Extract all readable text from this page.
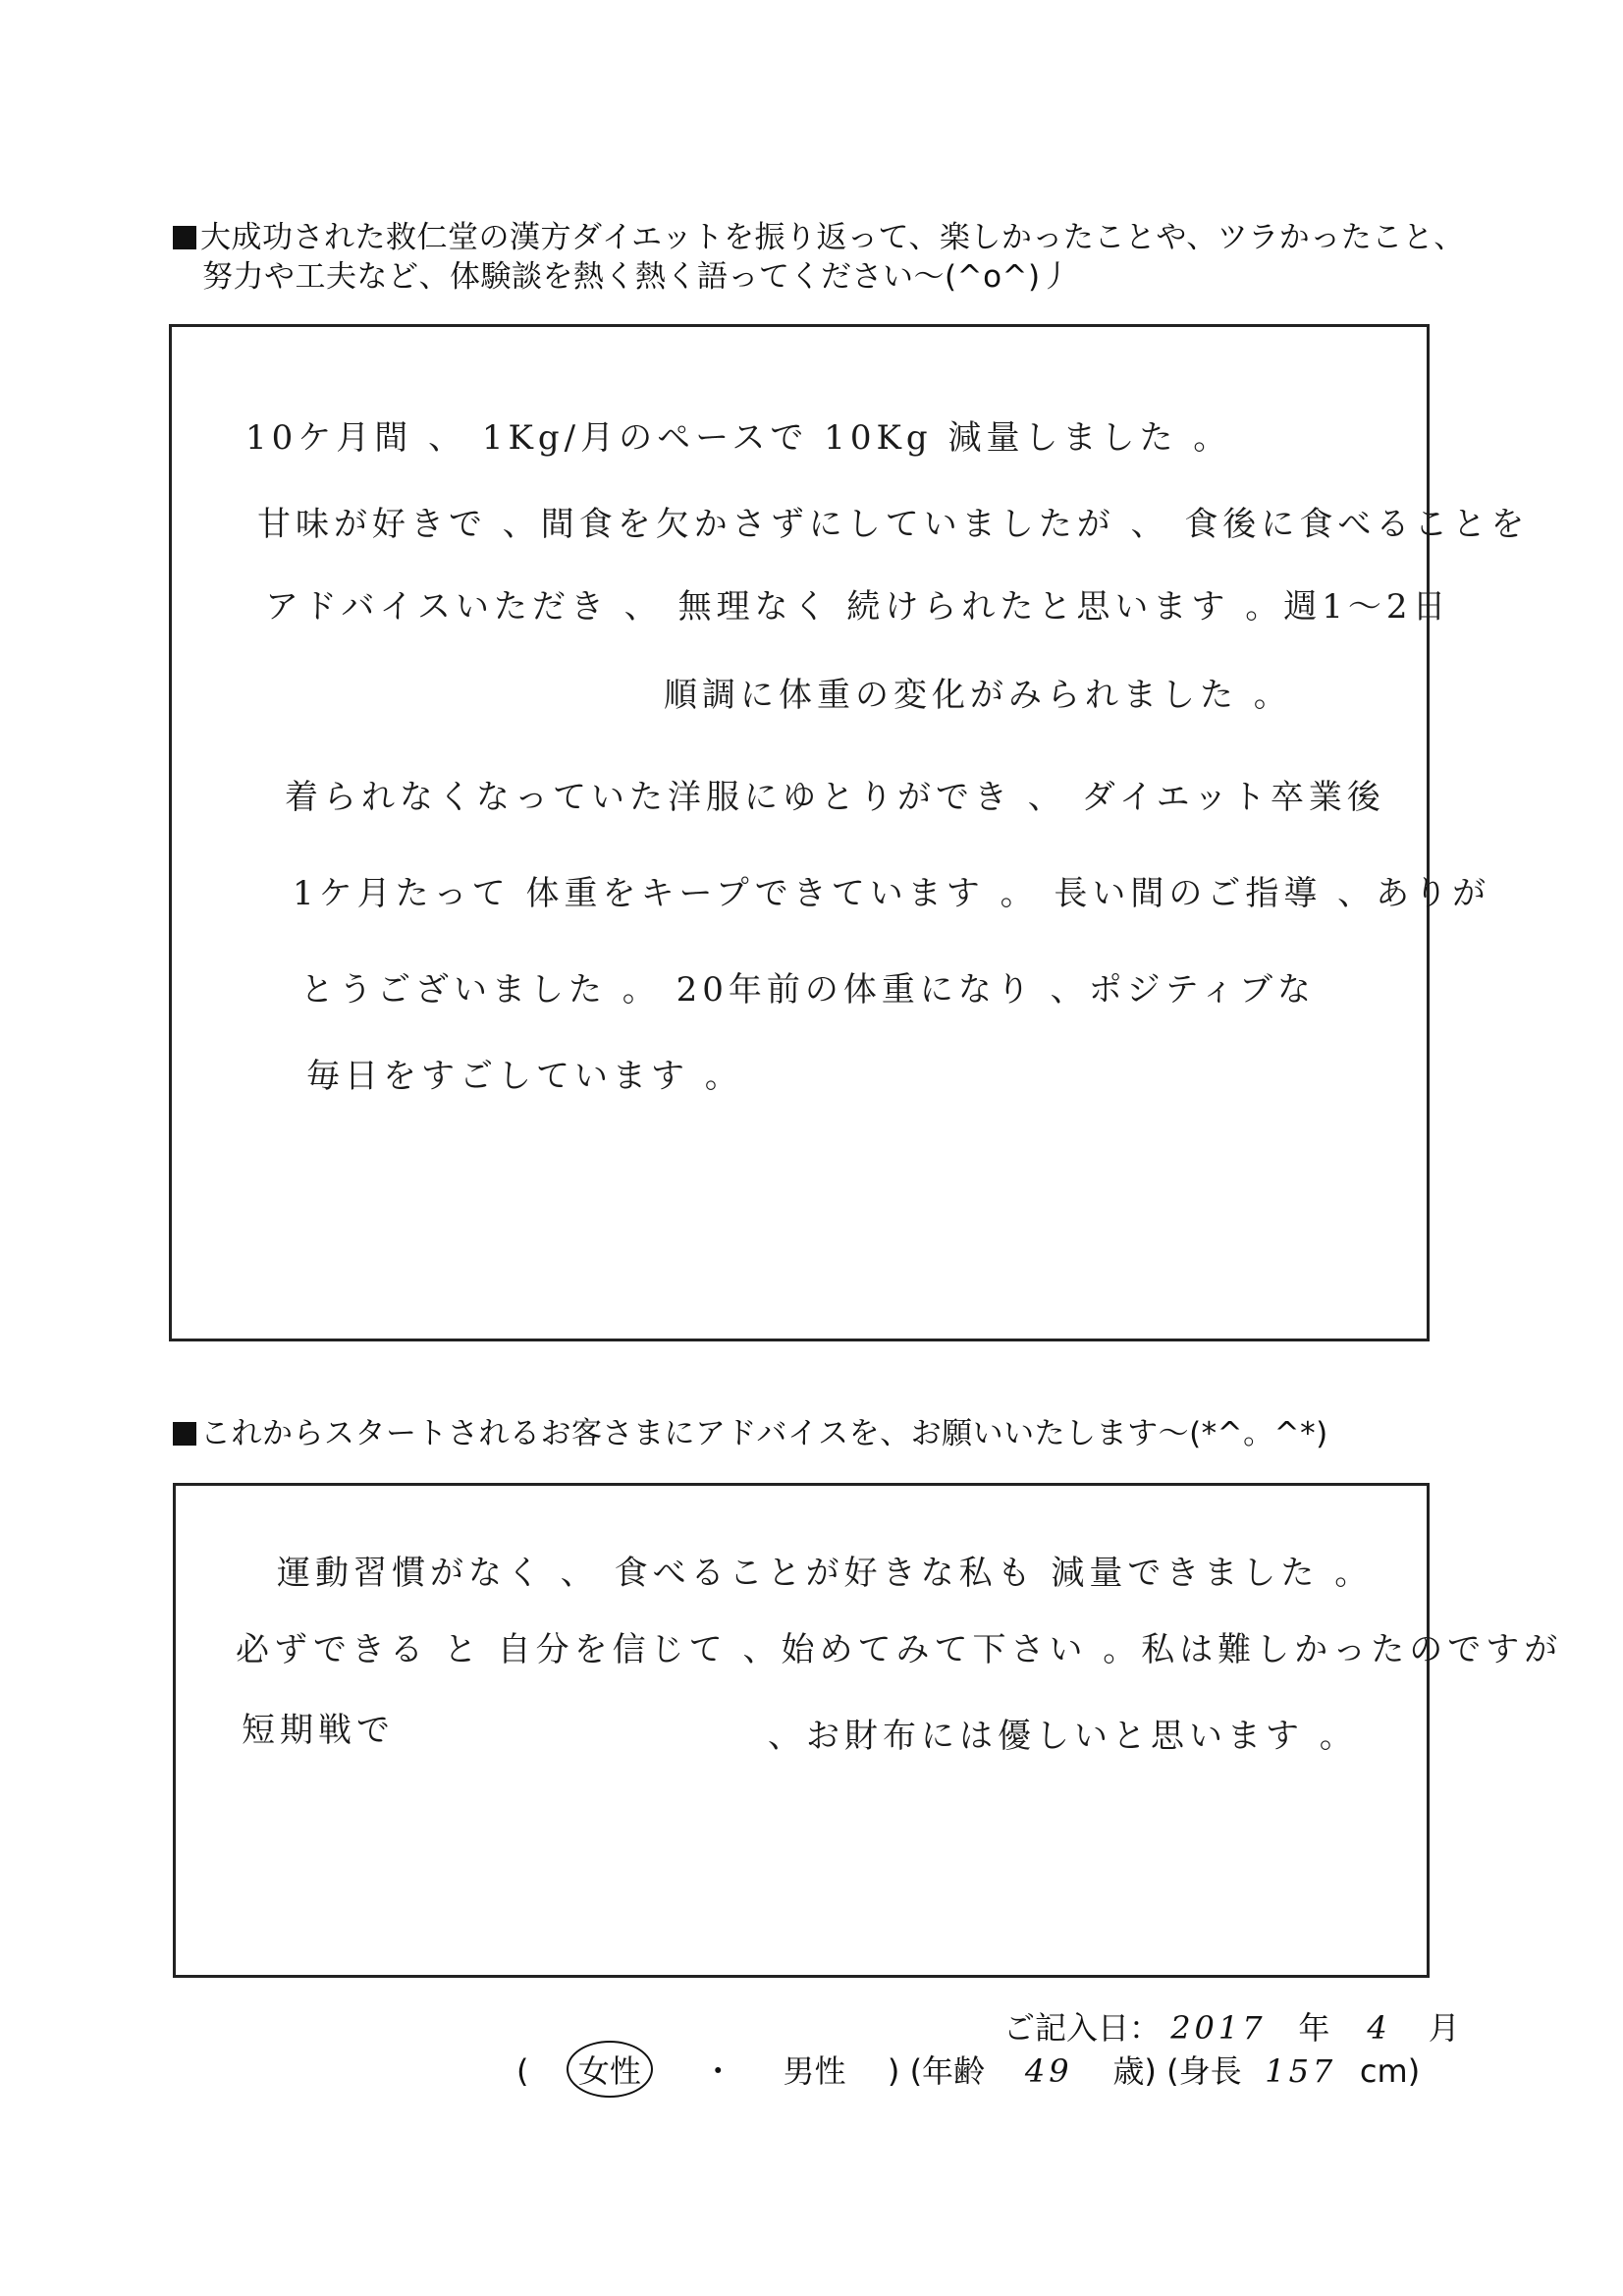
大成功された救仁堂の漢方ダイエットを振り返って、楽しかったことや、ツラかったこと、
努力や工夫など、体験談を熱く熱く語ってください～(^o^)丿
10ケ月間 、 1Kg/月のペースで 10Kg 減量しました 。
甘味が好きで 、間食を欠かさずにしていましたが 、 食後に食べることを
アドバイスいただき 、 無理なく 続けられたと思います 。週1～2日
順調に体重の変化がみられました 。
着られなくなっていた洋服にゆとりができ 、 ダイエット卒業後
1ケ月たって 体重をキープできています 。 長い間のご指導 、ありが
とうございました 。 20年前の体重になり 、ポジティブな
毎日をすごしています 。
これからスタートされるお客さまにアドバイスを、お願いいたします～(*^。^*)
運動習慣がなく 、 食べることが好きな私も 減量できました 。
必ずできる と 自分を信じて 、始めてみて下さい 。私は難しかったのですが
短期戦で	、お財布には優しいと思います 。
ご記入日： 2017 年 4 月
( 女性 ・ 男性 ) (年齢 49 歳) (身長 157 cm)
